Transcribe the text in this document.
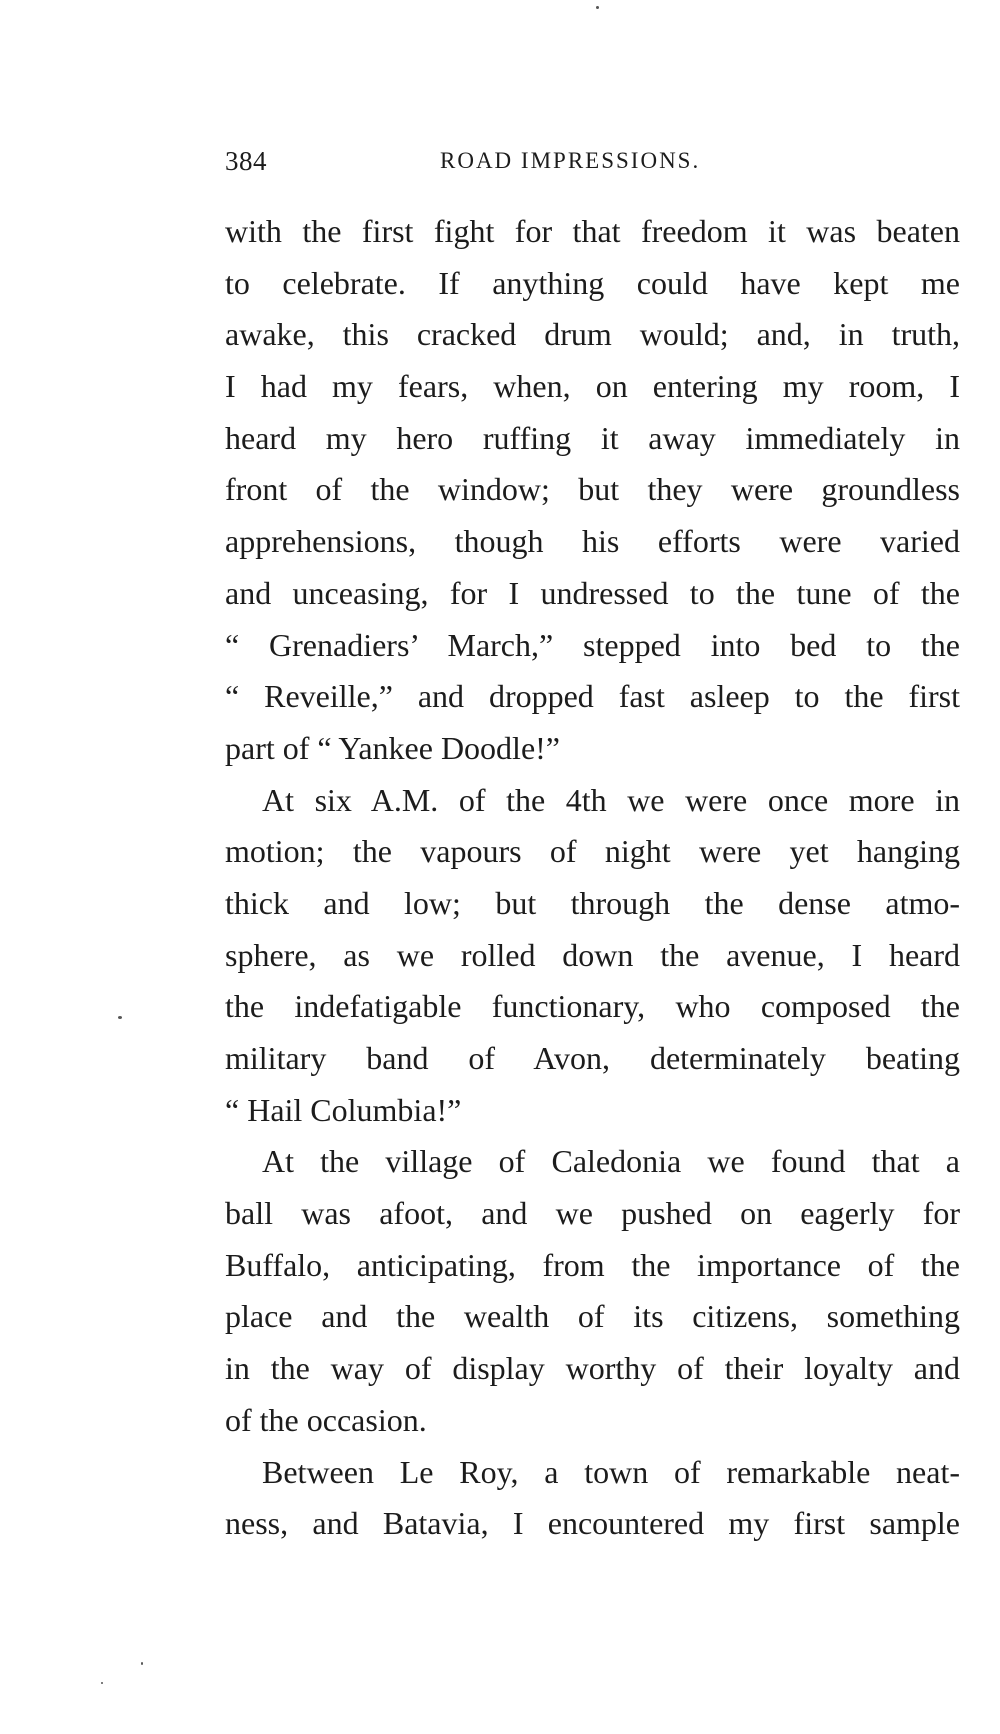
384	ROAD IMPRESSIONS.
with the first fight for that freedom it was beaten
to celebrate. If anything could have kept me
awake, this cracked drum would; and, in truth,
I had my fears, when, on entering my room, I
heard my hero ruffing it away immediately in
front of the window; but they were groundless
apprehensions, though his efforts were varied
and unceasing, for I undressed to the tune of the
“ Grenadiers’ March,” stepped into bed to the
“ Reveille,” and dropped fast asleep to the first
part of “ Yankee Doodle!”
At six A.M. of the 4th we were once more in
motion; the vapours of night were yet hanging
thick and low; but through the dense atmo-
sphere, as we rolled down the avenue, I heard
the indefatigable functionary, who composed the
military band of Avon, determinately beating
“ Hail Columbia!”
At the village of Caledonia we found that a
ball was afoot, and we pushed on eagerly for
Buffalo, anticipating, from the importance of the
place and the wealth of its citizens, something
in the way of display worthy of their loyalty and
of the occasion.
Between Le Roy, a town of remarkable neat-
ness, and Batavia, I encountered my first sample
